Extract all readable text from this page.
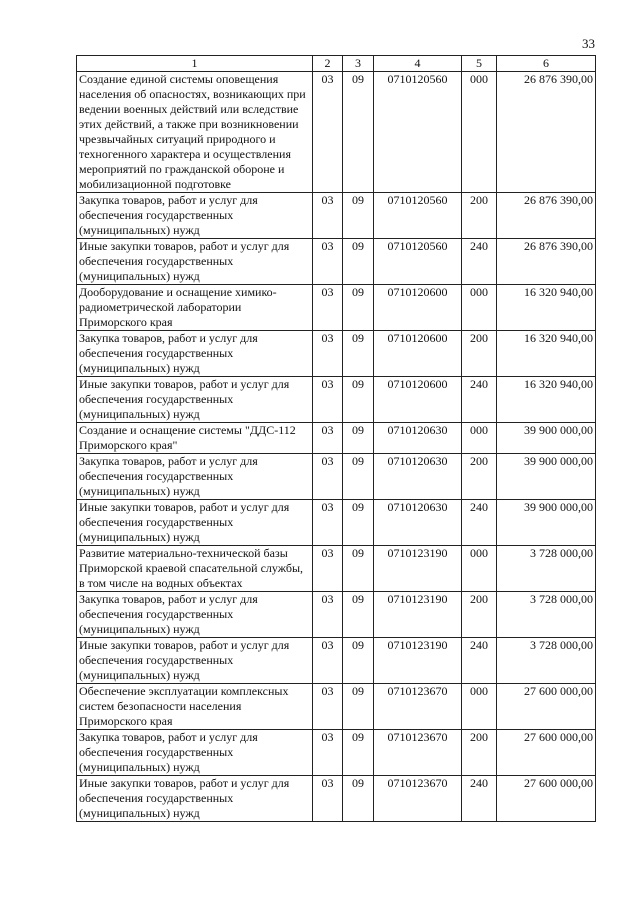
33
1	2	3	4	5	6
Создание единой системы оповещения населения об опасностях, возникающих при ведении военных действий или вследствие этих действий, а также при возникновении чрезвычайных ситуаций природного и техногенного характера и осуществления мероприятий по гражданской обороне и мобилизационной подготовке	03	09	0710120560	000	26 876 390,00
Закупка товаров, работ и услуг для обеспечения государственных (муниципальных) нужд	03	09	0710120560	200	26 876 390,00
Иные закупки товаров, работ и услуг для обеспечения государственных (муниципальных) нужд	03	09	0710120560	240	26 876 390,00
Дооборудование и оснащение химико-радиометрической лаборатории Приморского края	03	09	0710120600	000	16 320 940,00
Закупка товаров, работ и услуг для обеспечения государственных (муниципальных) нужд	03	09	0710120600	200	16 320 940,00
Иные закупки товаров, работ и услуг для обеспечения государственных (муниципальных) нужд	03	09	0710120600	240	16 320 940,00
Создание и оснащение системы "ДДС-112 Приморского края"	03	09	0710120630	000	39 900 000,00
Закупка товаров, работ и услуг для обеспечения государственных (муниципальных) нужд	03	09	0710120630	200	39 900 000,00
Иные закупки товаров, работ и услуг для обеспечения государственных (муниципальных) нужд	03	09	0710120630	240	39 900 000,00
Развитие материально-технической базы Приморской краевой спасательной службы, в том числе на водных объектах	03	09	0710123190	000	3 728 000,00
Закупка товаров, работ и услуг для обеспечения государственных (муниципальных) нужд	03	09	0710123190	200	3 728 000,00
Иные закупки товаров, работ и услуг для обеспечения государственных (муниципальных) нужд	03	09	0710123190	240	3 728 000,00
Обеспечение эксплуатации комплексных систем безопасности населения Приморского края	03	09	0710123670	000	27 600 000,00
Закупка товаров, работ и услуг для обеспечения государственных (муниципальных) нужд	03	09	0710123670	200	27 600 000,00
Иные закупки товаров, работ и услуг для обеспечения государственных (муниципальных) нужд	03	09	0710123670	240	27 600 000,00
